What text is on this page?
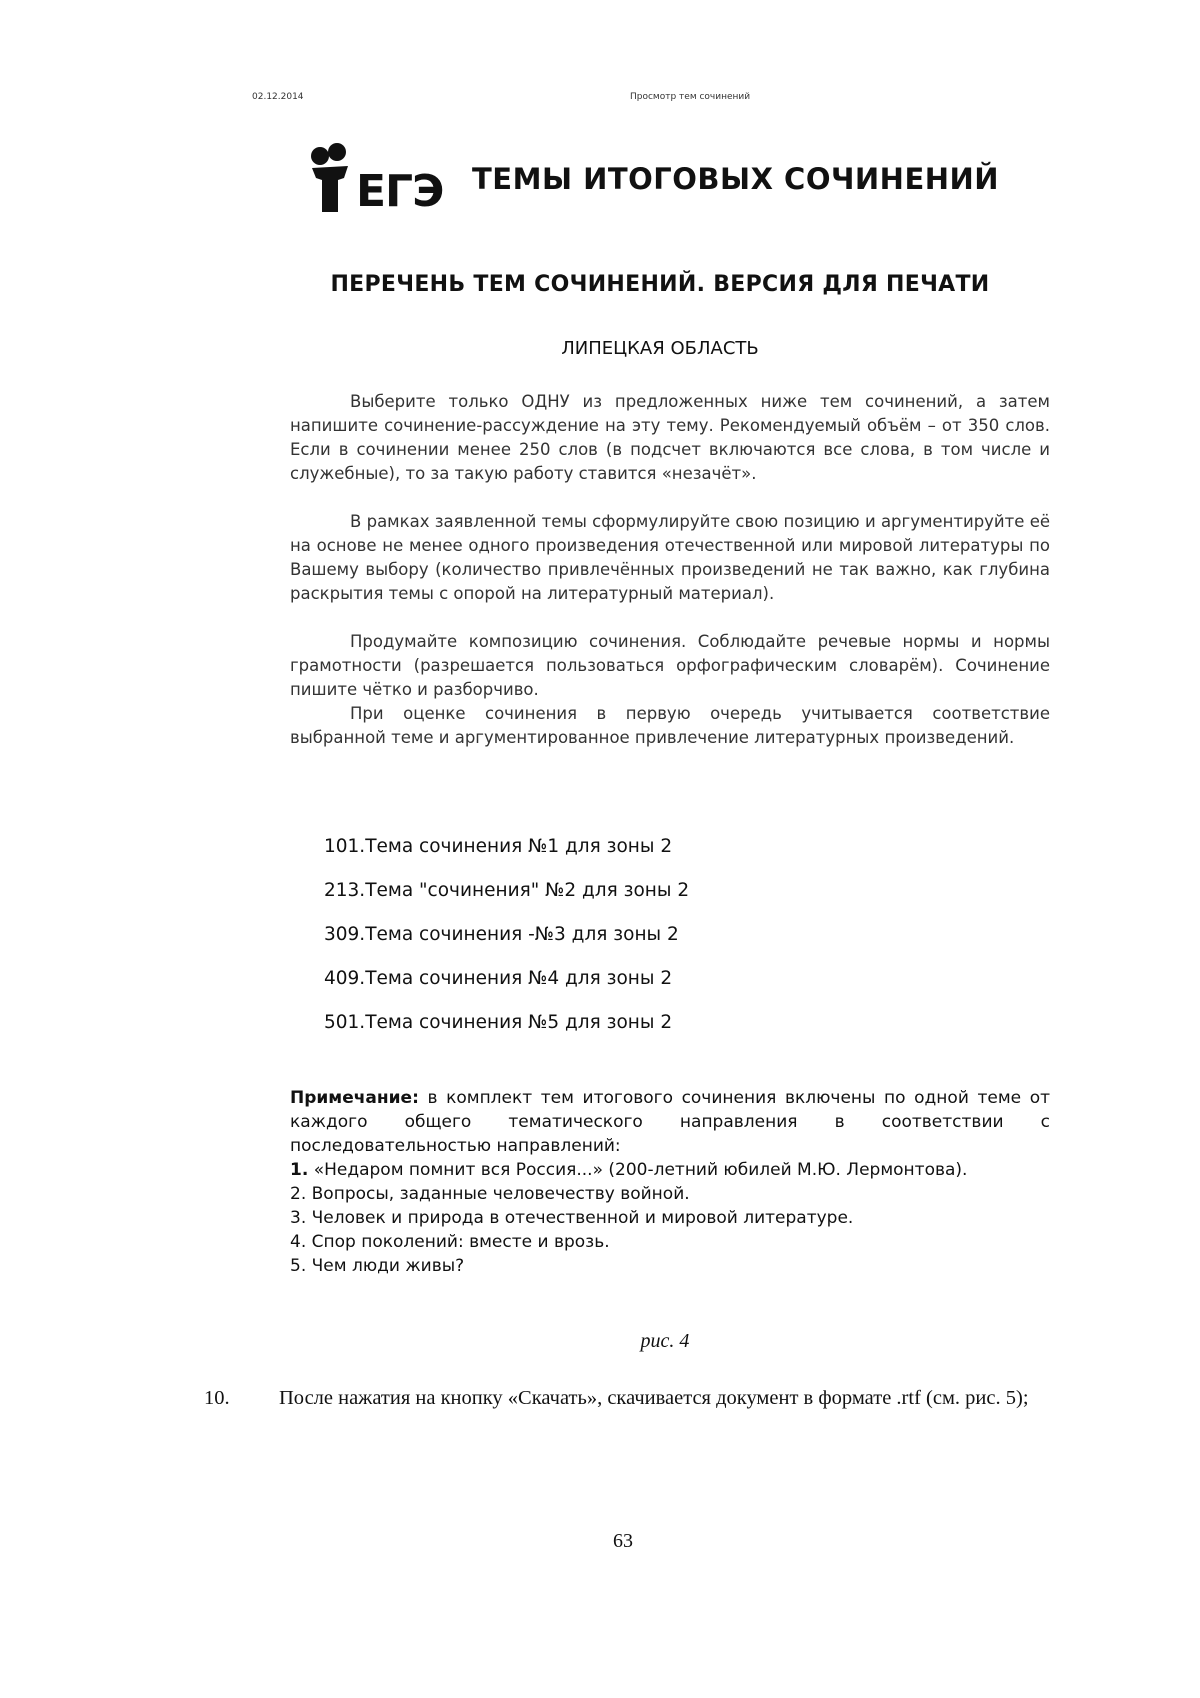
02.12.2014	Просмотр тем сочинений
ЕГЭ ТЕМЫ ИТОГОВЫХ СОЧИНЕНИЙ
ПЕРЕЧЕНЬ ТЕМ СОЧИНЕНИЙ. ВЕРСИЯ ДЛЯ ПЕЧАТИ
ЛИПЕЦКАЯ ОБЛАСТЬ

Выберите только ОДНУ из предложенных ниже тем сочинений, а затем напишите сочинение-рассуждение на эту тему. Рекомендуемый объём – от 350 слов. Если в сочинении менее 250 слов (в подсчет включаются все слова, в том числе и служебные), то за такую работу ставится «незачёт».

В рамках заявленной темы сформулируйте свою позицию и аргументируйте её на основе не менее одного произведения отечественной или мировой литературы по Вашему выбору (количество привлечённых произведений не так важно, как глубина раскрытия темы с опорой на литературный материал).

Продумайте композицию сочинения. Соблюдайте речевые нормы и нормы грамотности (разрешается пользоваться орфографическим словарём). Сочинение пишите чётко и разборчиво.

При оценке сочинения в первую очередь учитывается соответствие выбранной теме и аргументированное привлечение литературных произведений.

101.Тема сочинения №1 для зоны 2
213.Тема "сочинения" №2 для зоны 2
309.Тема сочинения -№3 для зоны 2
409.Тема сочинения №4 для зоны 2
501.Тема сочинения №5 для зоны 2
Примечание: в комплект тем итогового сочинения включены по одной теме от каждого общего тематического направления в соответствии с последовательностью направлений:
1. «Недаром помнит вся Россия...» (200-летний юбилей М.Ю. Лермонтова).
2. Вопросы, заданные человечеству войной.
3. Человек и природа в отечественной и мировой литературе.
4. Спор поколений: вместе и врозь.
5. Чем люди живы?
рис. 4

10. После нажатия на кнопку «Скачать», скачивается документ в формате .rtf (см. рис. 5);

63
